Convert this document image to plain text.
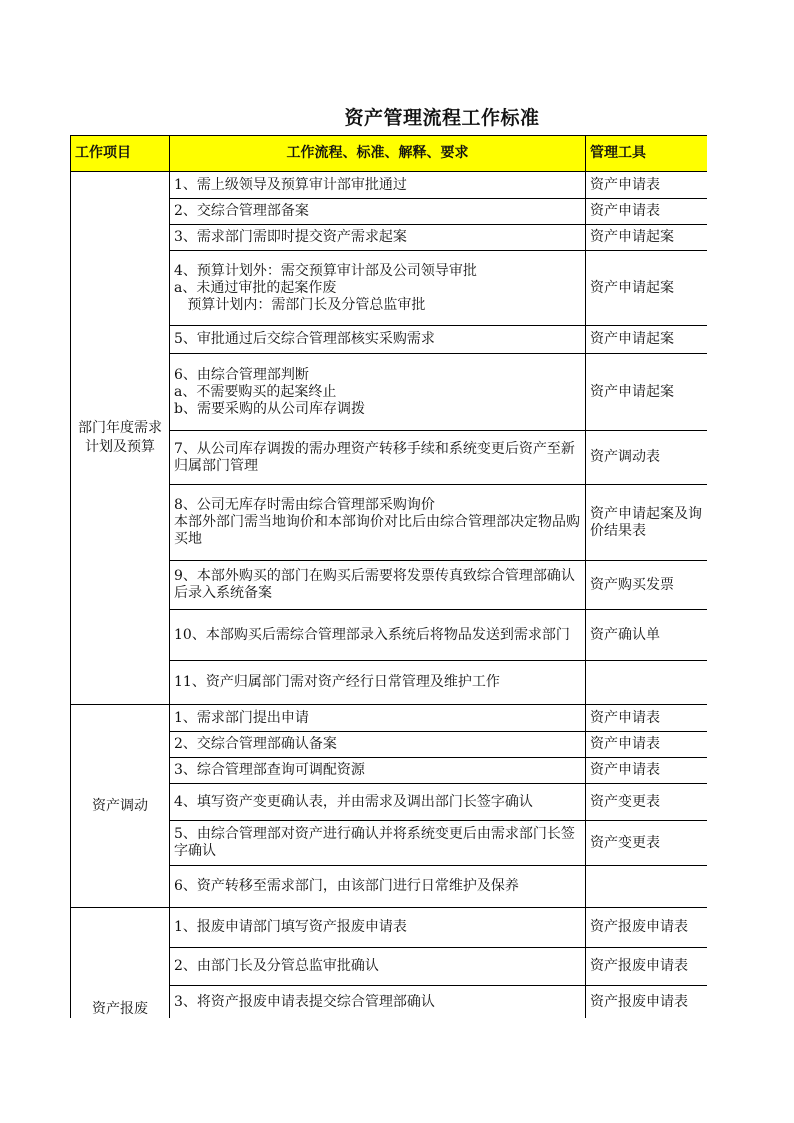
资产管理流程工作标准
工作项目	工作流程、标准、解释、要求	管理工具
部门年度需求计划及预算	1、需上级领导及预算审计部审批通过	资产申请表
	2、交综合管理部备案	资产申请表
	3、需求部门需即时提交资产需求起案	资产申请起案

	4、预算计划外：需交预算审计部及公司领导审批
a、未通过审批的起案作废
预算计划内：需部门长及分管总监审批	资产申请起案
	5、审批通过后交综合管理部核实采购需求	资产申请起案

	6、由综合管理部判断
a、不需要购买的起案终止
b、需要采购的从公司库存调拨	资产申请起案
	7、从公司库存调拨的需办理资产转移手续和系统变更后资产至新归属部门管理	资产调动表

	8、公司无库存时需由综合管理部采购询价
本部外部门需当地询价和本部询价对比后由综合管理部决定物品购买地	资产申请起案及询价结果表
	9、本部外购买的部门在购买后需要将发票传真致综合管理部确认后录入系统备案	资产购买发票
	10、本部购买后需综合管理部录入系统后将物品发送到需求部门	资产确认单
	11、资产归属部门需对资产经行日常管理及维护工作	
资产调动	1、需求部门提出申请	资产申请表
	2、交综合管理部确认备案	资产申请表
	3、综合管理部查询可调配资源	资产申请表
	4、填写资产变更确认表，并由需求及调出部门长签字确认	资产变更表
	5、由综合管理部对资产进行确认并将系统变更后由需求部门长签字确认	资产变更表
	6、资产转移至需求部门，由该部门进行日常维护及保养	
资产报废	1、报废申请部门填写资产报废申请表	资产报废申请表
	2、由部门长及分管总监审批确认	资产报废申请表
	3、将资产报废申请表提交综合管理部确认	资产报废申请表
